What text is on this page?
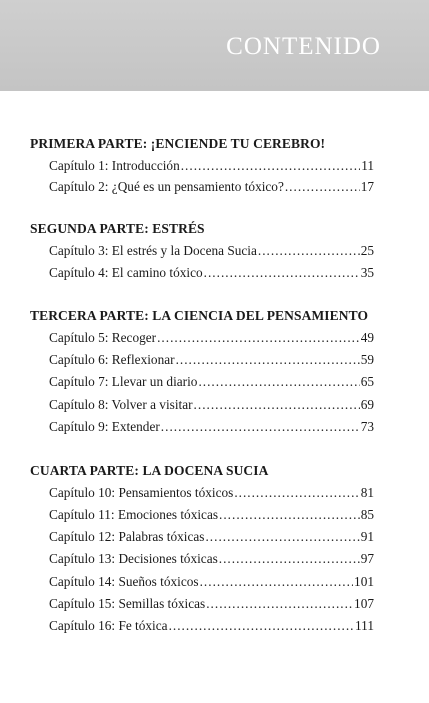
CONTENIDO
PRIMERA PARTE: ¡ENCIENDE TU CEREBRO!
Capítulo 1: Introducción .....	11
Capítulo 2: ¿Qué es un pensamiento tóxico? .....	17
SEGUNDA PARTE: ESTRÉS
Capítulo 3: El estrés y la Docena Sucia .....	25
Capítulo 4: El camino tóxico .....	35
TERCERA PARTE: LA CIENCIA DEL PENSAMIENTO
Capítulo 5: Recoger .....	49
Capítulo 6: Reflexionar .....	59
Capítulo 7: Llevar un diario .....	65
Capítulo 8: Volver a visitar .....	69
Capítulo 9: Extender .....	73
CUARTA PARTE: LA DOCENA SUCIA
Capítulo 10: Pensamientos tóxicos .....	81
Capítulo 11: Emociones tóxicas .....	85
Capítulo 12: Palabras tóxicas .....	91
Capítulo 13: Decisiones tóxicas .....	97
Capítulo 14: Sueños tóxicos .....	101
Capítulo 15: Semillas tóxicas .....	107
Capítulo 16: Fe tóxica .....	111
